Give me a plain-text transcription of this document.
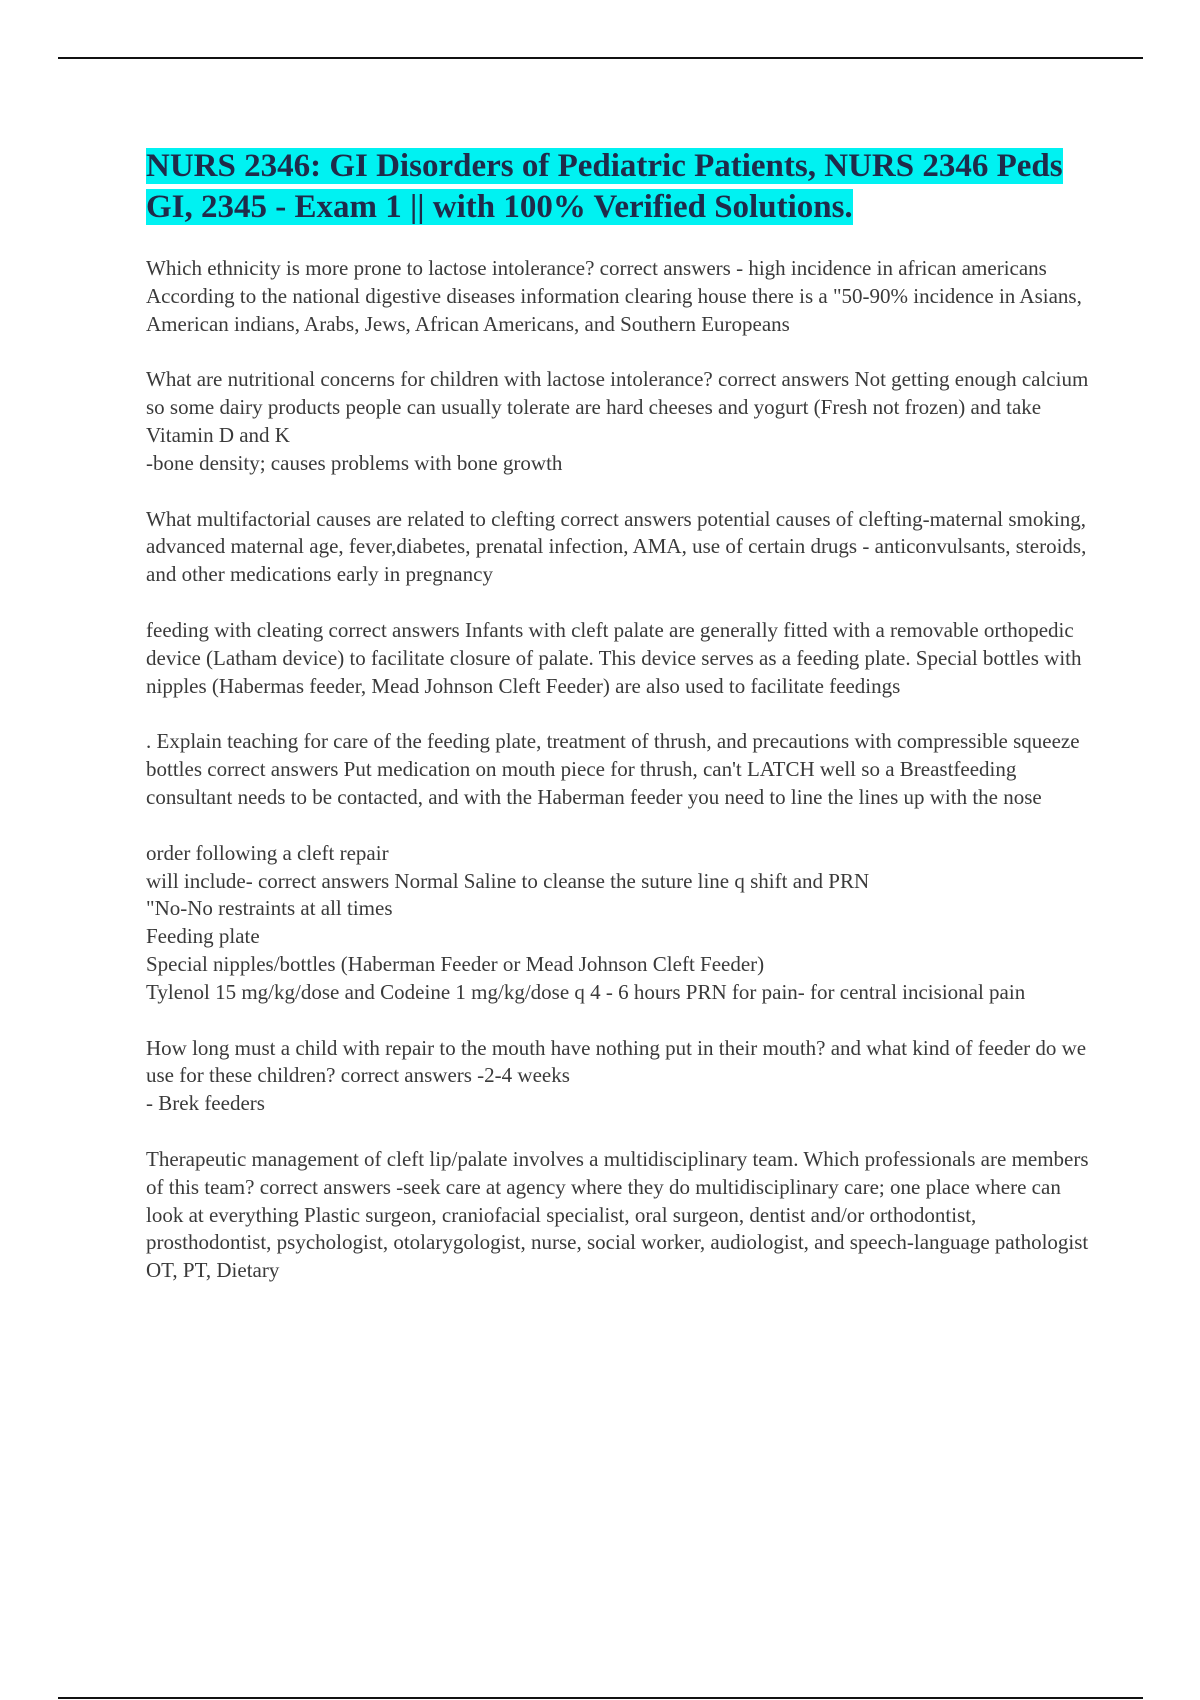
NURS 2346: GI Disorders of Pediatric Patients, NURS 2346 Peds GI, 2345 - Exam 1 || with 100% Verified Solutions.

Which ethnicity is more prone to lactose intolerance? correct answers - high incidence in african americans According to the national digestive diseases information clearing house there is a "50-90% incidence in Asians, American indians, Arabs, Jews, African Americans, and Southern Europeans

What are nutritional concerns for children with lactose intolerance? correct answers Not getting enough calcium so some dairy products people can usually tolerate are hard cheeses and yogurt (Fresh not frozen) and take Vitamin D and K
-bone density; causes problems with bone growth

What multifactorial causes are related to clefting correct answers potential causes of clefting-maternal smoking, advanced maternal age, fever,diabetes, prenatal infection, AMA, use of certain drugs - anticonvulsants, steroids, and other medications early in pregnancy

feeding with cleating correct answers Infants with cleft palate are generally fitted with a removable orthopedic device (Latham device) to facilitate closure of palate. This device serves as a feeding plate. Special bottles with nipples (Habermas feeder, Mead Johnson Cleft Feeder) are also used to facilitate feedings

. Explain teaching for care of the feeding plate, treatment of thrush, and precautions with compressible squeeze bottles correct answers Put medication on mouth piece for thrush, can't LATCH well so a Breastfeeding consultant needs to be contacted, and with the Haberman feeder you need to line the lines up with the nose

order following a cleft repair
will include- correct answers Normal Saline to cleanse the suture line q shift and PRN
"No-No restraints at all times
Feeding plate
Special nipples/bottles (Haberman Feeder or Mead Johnson Cleft Feeder)
Tylenol 15 mg/kg/dose and Codeine 1 mg/kg/dose q 4 - 6 hours PRN for pain- for central incisional pain

How long must a child with repair to the mouth have nothing put in their mouth? and what kind of feeder do we use for these children? correct answers -2-4 weeks
- Brek feeders

Therapeutic management of cleft lip/palate involves a multidisciplinary team. Which professionals are members of this team? correct answers -seek care at agency where they do multidisciplinary care; one place where can look at everything Plastic surgeon, craniofacial specialist, oral surgeon, dentist and/or orthodontist, prosthodontist, psychologist, otolarygologist, nurse, social worker, audiologist, and speech-language pathologist
OT, PT, Dietary
